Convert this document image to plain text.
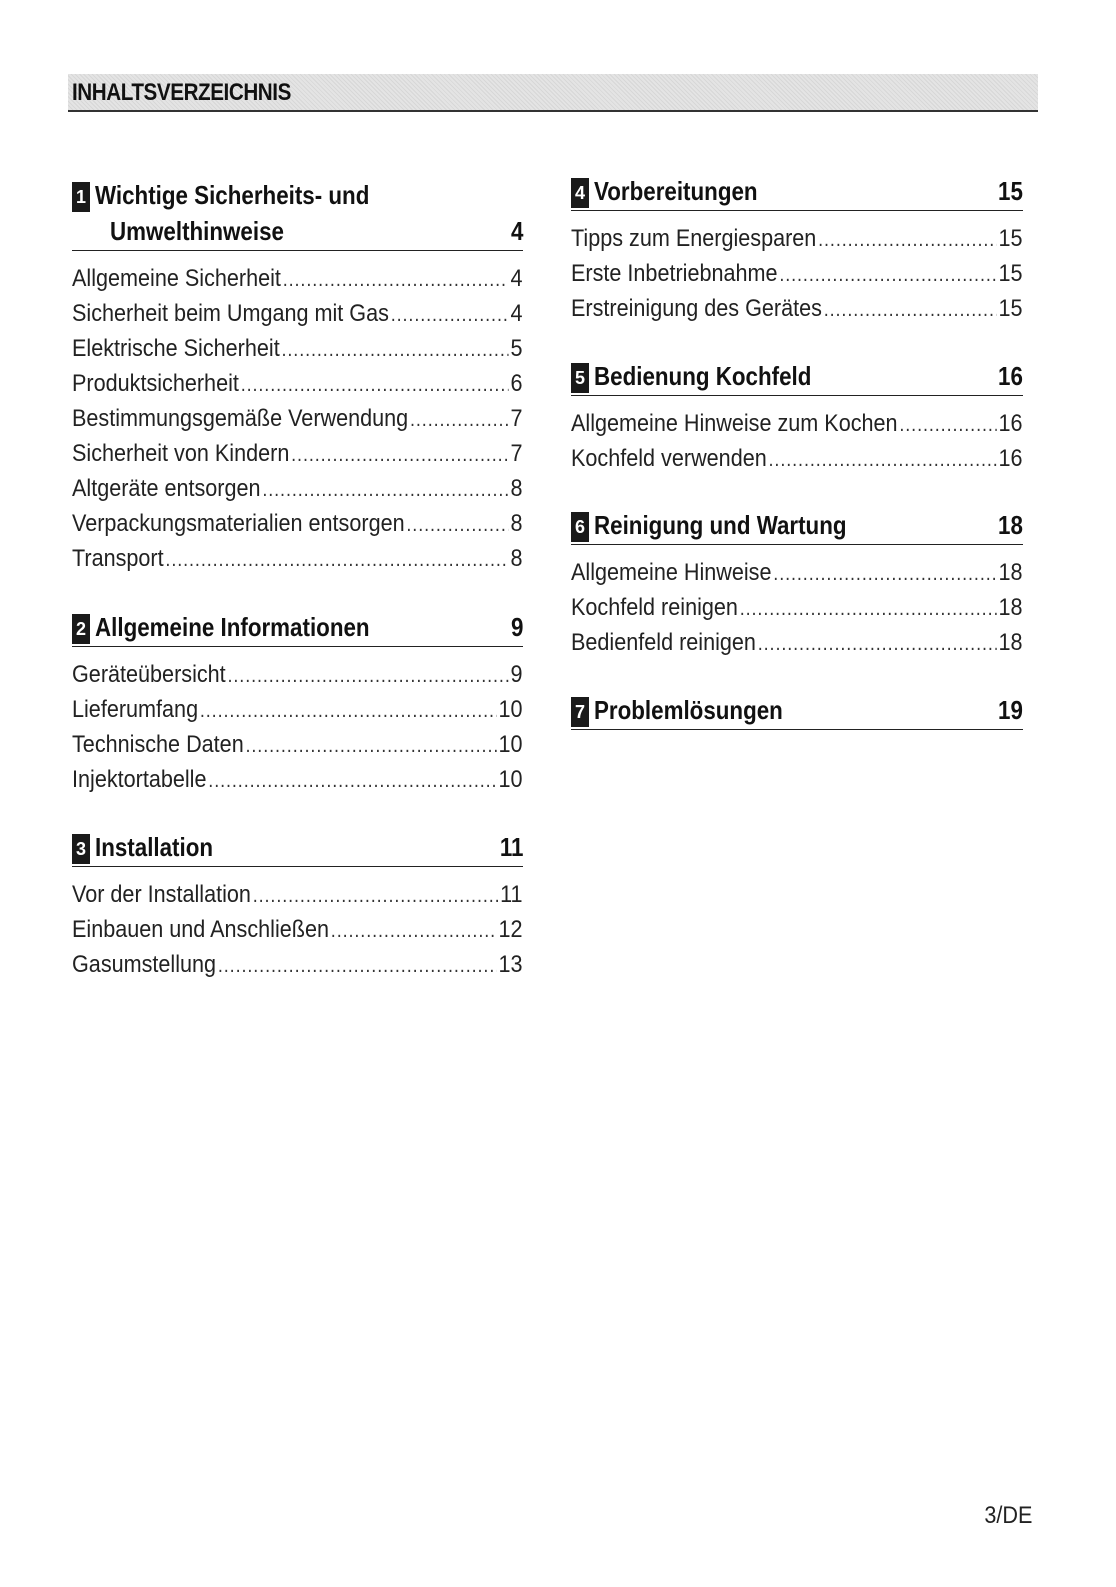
INHALTSVERZEICHNIS
1 Wichtige Sicherheits- und
Umwelthinweise	4
Allgemeine Sicherheit .....	4
Sicherheit beim Umgang mit Gas .....	4
Elektrische Sicherheit .....	5
Produktsicherheit .....	6
Bestimmungsgemäße Verwendung .....	7
Sicherheit von Kindern .....	7
Altgeräte entsorgen .....	8
Verpackungsmaterialien entsorgen .....	8
Transport .....	8
2 Allgemeine Informationen	9
Geräteübersicht .....	9
Lieferumfang .....	10
Technische Daten .....	10
Injektortabelle .....	10
3 Installation	11
Vor der Installation .....	11
Einbauen und Anschließen .....	12
Gasumstellung .....	13
4 Vorbereitungen	15
Tipps zum Energiesparen .....	15
Erste Inbetriebnahme .....	15
Erstreinigung des Gerätes .....	15
5 Bedienung Kochfeld	16
Allgemeine Hinweise zum Kochen .....	16
Kochfeld verwenden .....	16
6 Reinigung und Wartung	18
Allgemeine Hinweise .....	18
Kochfeld reinigen .....	18
Bedienfeld reinigen .....	18
7 Problemlösungen	19
3/DE
